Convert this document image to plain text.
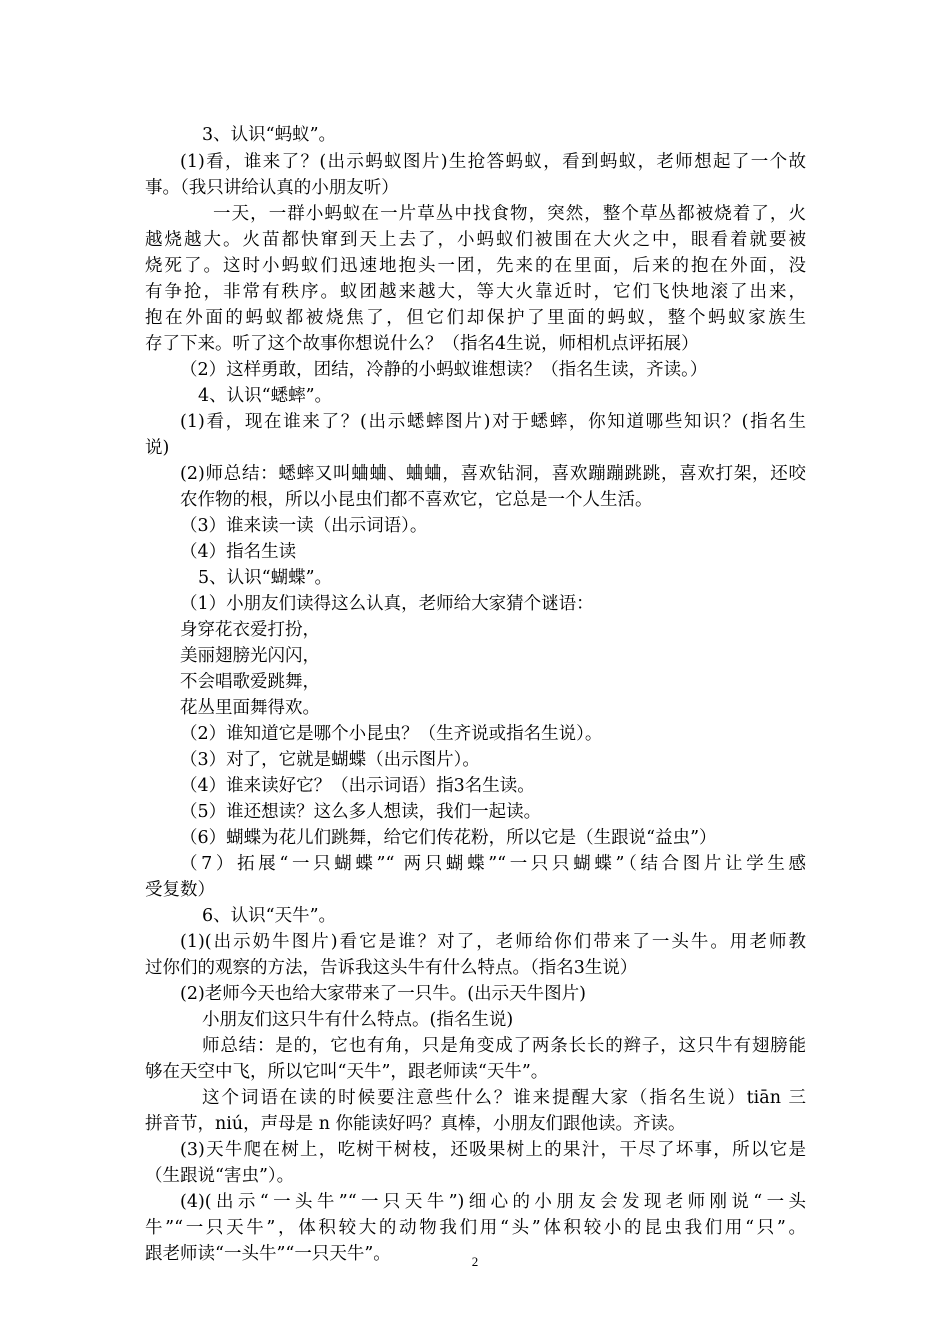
3、认识“蚂蚁”。
(1)看，谁来了？(出示蚂蚁图片)生抢答蚂蚁，看到蚂蚁，老师想起了一个故
事。（我只讲给认真的小朋友听）
一天，一群小蚂蚁在一片草丛中找食物，突然，整个草丛都被烧着了，火
越烧越大。火苗都快窜到天上去了，小蚂蚁们被围在大火之中，眼看着就要被
烧死了。这时小蚂蚁们迅速地抱头一团，先来的在里面，后来的抱在外面，没
有争抢，非常有秩序。蚁团越来越大，等大火靠近时，它们飞快地滚了出来，
抱在外面的蚂蚁都被烧焦了，但它们却保护了里面的蚂蚁，整个蚂蚁家族生
存了下来。听了这个故事你想说什么？（指名4生说，师相机点评拓展）
（2）这样勇敢，团结，冷静的小蚂蚁谁想读？（指名生读，齐读。）
4、认识“蟋蟀”。
(1)看，现在谁来了？(出示蟋蟀图片)对于蟋蟀，你知道哪些知识？(指名生
说)
(2)师总结：蟋蟀又叫蛐蛐、蛐蛐，喜欢钻洞，喜欢蹦蹦跳跳，喜欢打架，还咬
农作物的根，所以小昆虫们都不喜欢它，它总是一个人生活。
（3）谁来读一读（出示词语）。
（4）指名生读
5、认识“蝴蝶”。
（1）小朋友们读得这么认真，老师给大家猜个谜语：
身穿花衣爱打扮，
美丽翅膀光闪闪，
不会唱歌爱跳舞，
花丛里面舞得欢。
（2）谁知道它是哪个小昆虫？（生齐说或指名生说）。
（3）对了，它就是蝴蝶（出示图片）。
（4）谁来读好它？（出示词语）指3名生读。
（5）谁还想读？这么多人想读，我们一起读。
（6）蝴蝶为花儿们跳舞，给它们传花粉，所以它是（生跟说“益虫”）
（7）拓展“一只蝴蝶”“ 两只蝴蝶”“一只只蝴蝶”（结合图片让学生感
受复数）
6、认识“天牛”。
(1)(出示奶牛图片)看它是谁？对了，老师给你们带来了一头牛。用老师教
过你们的观察的方法，告诉我这头牛有什么特点。（指名3生说）
(2)老师今天也给大家带来了一只牛。(出示天牛图片)
小朋友们这只牛有什么特点。(指名生说)
师总结：是的，它也有角，只是角变成了两条长长的辫子，这只牛有翅膀能
够在天空中飞，所以它叫“天牛”，跟老师读“天牛”。
这个词语在读的时候要注意些什么？谁来提醒大家（指名生说）tiān 三
拼音节，niú，声母是 n 你能读好吗？真棒，小朋友们跟他读。齐读。
(3)天牛爬在树上，吃树干树枝，还吸果树上的果汁，干尽了坏事，所以它是
（生跟说“害虫”）。
(4)(出示“一头牛”“一只天牛”)细心的小朋友会发现老师刚说“一头
牛”“一只天牛”，体积较大的动物我们用“头”体积较小的昆虫我们用“只”。
跟老师读“一头牛”“一只天牛”。	2
